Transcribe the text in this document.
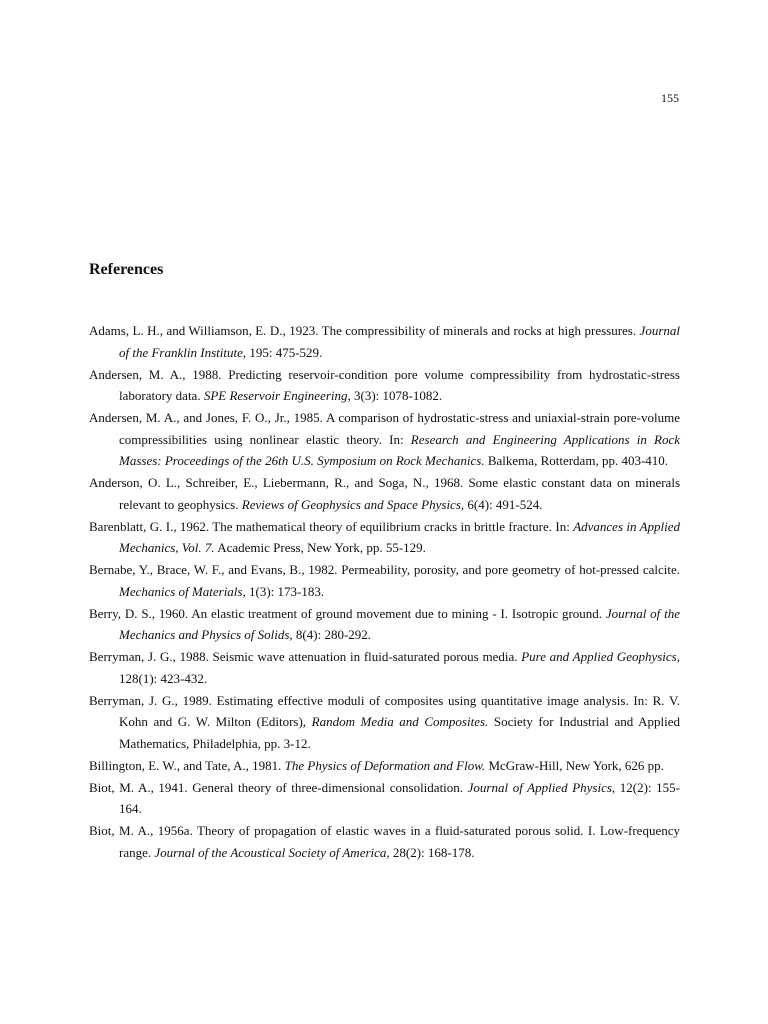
155
References
Adams, L. H., and Williamson, E. D., 1923. The compressibility of minerals and rocks at high pressures. Journal of the Franklin Institute, 195: 475-529.
Andersen, M. A., 1988. Predicting reservoir-condition pore volume compressibility from hydrostatic-stress laboratory data. SPE Reservoir Engineering, 3(3): 1078-1082.
Andersen, M. A., and Jones, F. O., Jr., 1985. A comparison of hydrostatic-stress and uniaxial-strain pore-volume compressibilities using nonlinear elastic theory. In: Research and Engineering Applications in Rock Masses: Proceedings of the 26th U.S. Symposium on Rock Mechanics. Balkema, Rotterdam, pp. 403-410.
Anderson, O. L., Schreiber, E., Liebermann, R., and Soga, N., 1968. Some elastic constant data on minerals relevant to geophysics. Reviews of Geophysics and Space Physics, 6(4): 491-524.
Barenblatt, G. I., 1962. The mathematical theory of equilibrium cracks in brittle fracture. In: Advances in Applied Mechanics, Vol. 7. Academic Press, New York, pp. 55-129.
Bernabe, Y., Brace, W. F., and Evans, B., 1982. Permeability, porosity, and pore geometry of hot-pressed calcite. Mechanics of Materials, 1(3): 173-183.
Berry, D. S., 1960. An elastic treatment of ground movement due to mining - I. Isotropic ground. Journal of the Mechanics and Physics of Solids, 8(4): 280-292.
Berryman, J. G., 1988. Seismic wave attenuation in fluid-saturated porous media. Pure and Applied Geophysics, 128(1): 423-432.
Berryman, J. G., 1989. Estimating effective moduli of composites using quantitative image analysis. In: R. V. Kohn and G. W. Milton (Editors), Random Media and Composites. Society for Industrial and Applied Mathematics, Philadelphia, pp. 3-12.
Billington, E. W., and Tate, A., 1981. The Physics of Deformation and Flow. McGraw-Hill, New York, 626 pp.
Biot, M. A., 1941. General theory of three-dimensional consolidation. Journal of Applied Physics, 12(2): 155-164.
Biot, M. A., 1956a. Theory of propagation of elastic waves in a fluid-saturated porous solid. I. Low-frequency range. Journal of the Acoustical Society of America, 28(2): 168-178.
